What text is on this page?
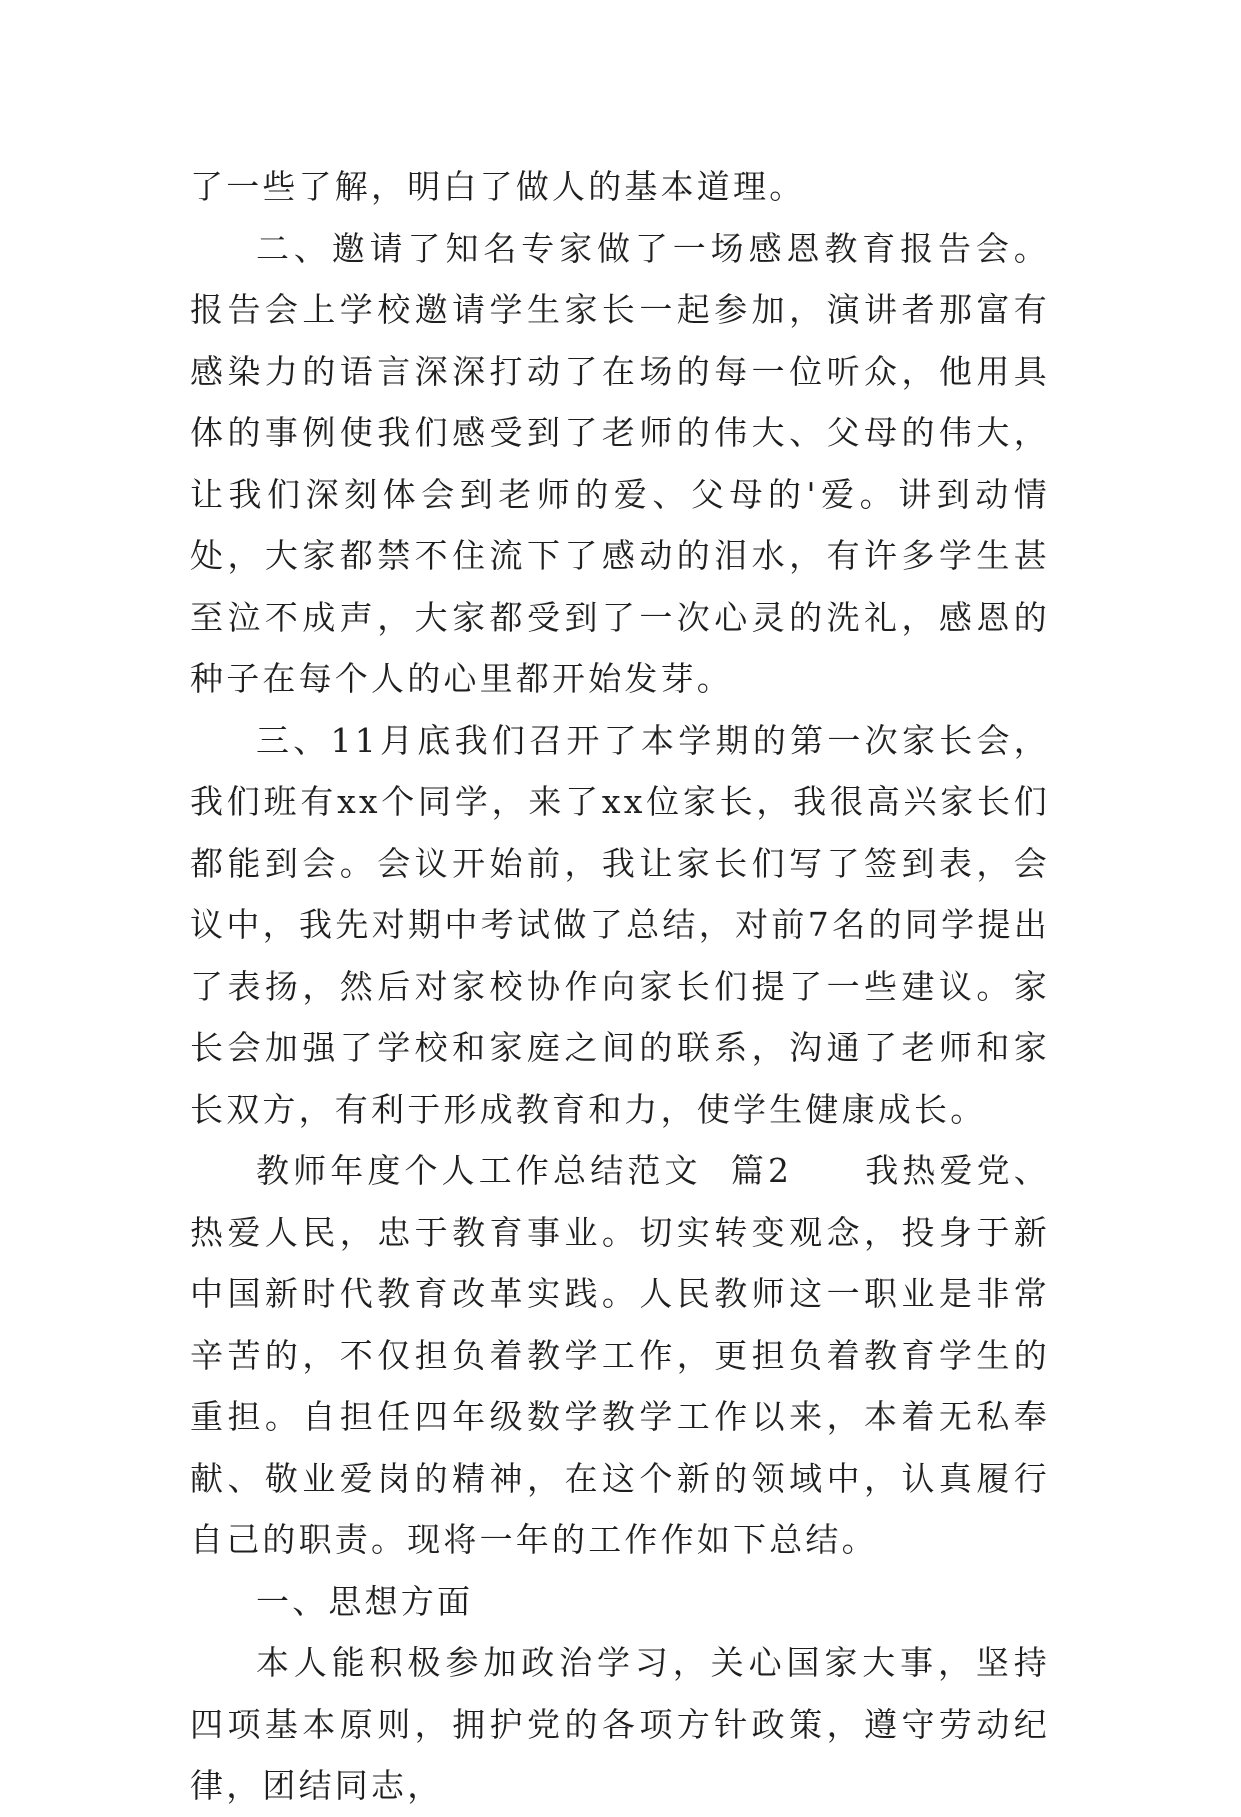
了一些了解，明白了做人的基本道理。

二、邀请了知名专家做了一场感恩教育报告会。报告会上学校邀请学生家长一起参加，演讲者那富有感染力的语言深深打动了在场的每一位听众，他用具体的事例使我们感受到了老师的伟大、父母的伟大，让我们深刻体会到老师的爱、父母的'爱。讲到动情处，大家都禁不住流下了感动的泪水，有许多学生甚至泣不成声，大家都受到了一次心灵的洗礼，感恩的种子在每个人的心里都开始发芽。

三、11月底我们召开了本学期的第一次家长会，我们班有xx个同学，来了xx位家长，我很高兴家长们都能到会。会议开始前，我让家长们写了签到表，会议中，我先对期中考试做了总结，对前7名的同学提出了表扬，然后对家校协作向家长们提了一些建议。家长会加强了学校和家庭之间的联系，沟通了老师和家长双方，有利于形成教育和力，使学生健康成长。

教师年度个人工作总结范文  篇2     我热爱党、热爱人民，忠于教育事业。切实转变观念，投身于新中国新时代教育改革实践。人民教师这一职业是非常辛苦的，不仅担负着教学工作，更担负着教育学生的重担。自担任四年级数学教学工作以来，本着无私奉献、敬业爱岗的精神，在这个新的领域中，认真履行自己的职责。现将一年的工作作如下总结。

一、思想方面

本人能积极参加政治学习，关心国家大事，坚持四项基本原则，拥护党的各项方针政策，遵守劳动纪律，团结同志，
